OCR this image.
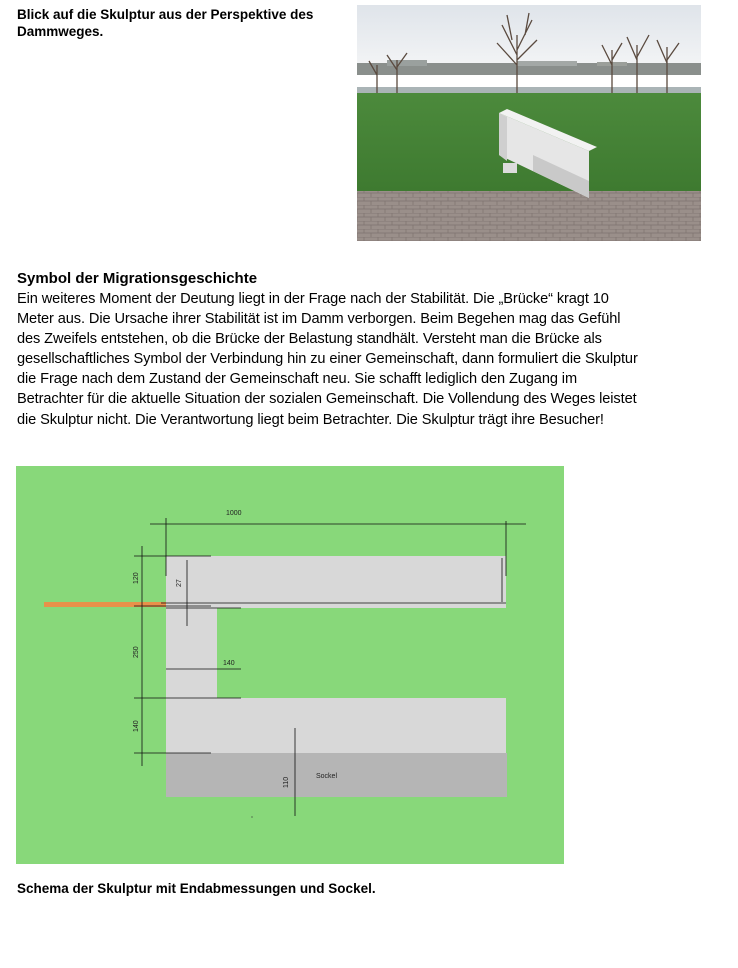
Blick auf die Skulptur aus der Perspektive des Dammweges.
Symbol der Migrationsgeschichte
Ein weiteres Moment der Deutung liegt in der Frage nach der Stabilität. Die „Brücke“ kragt 10 Meter aus. Die Ursache ihrer Stabilität ist im Damm verborgen. Beim Begehen mag das Gefühl des Zweifels entstehen, ob die Brücke der Belastung standhält. Versteht man die Brücke als gesellschaftliches Symbol der Verbindung hin zu einer Gemeinschaft, dann formuliert die Skulptur die Frage nach dem Zustand der Gemeinschaft neu. Sie schafft lediglich den Zugang im Betrachter für die aktuelle Situation der sozialen Gemeinschaft. Die Vollendung des Weges leistet die Skulptur nicht. Die Verantwortung liegt beim Betrachter. Die Skulptur trägt ihre Besucher!
1000
120	27
250
140
140
110
Sockel
Schema der Skulptur mit Endabmessungen und Sockel.
